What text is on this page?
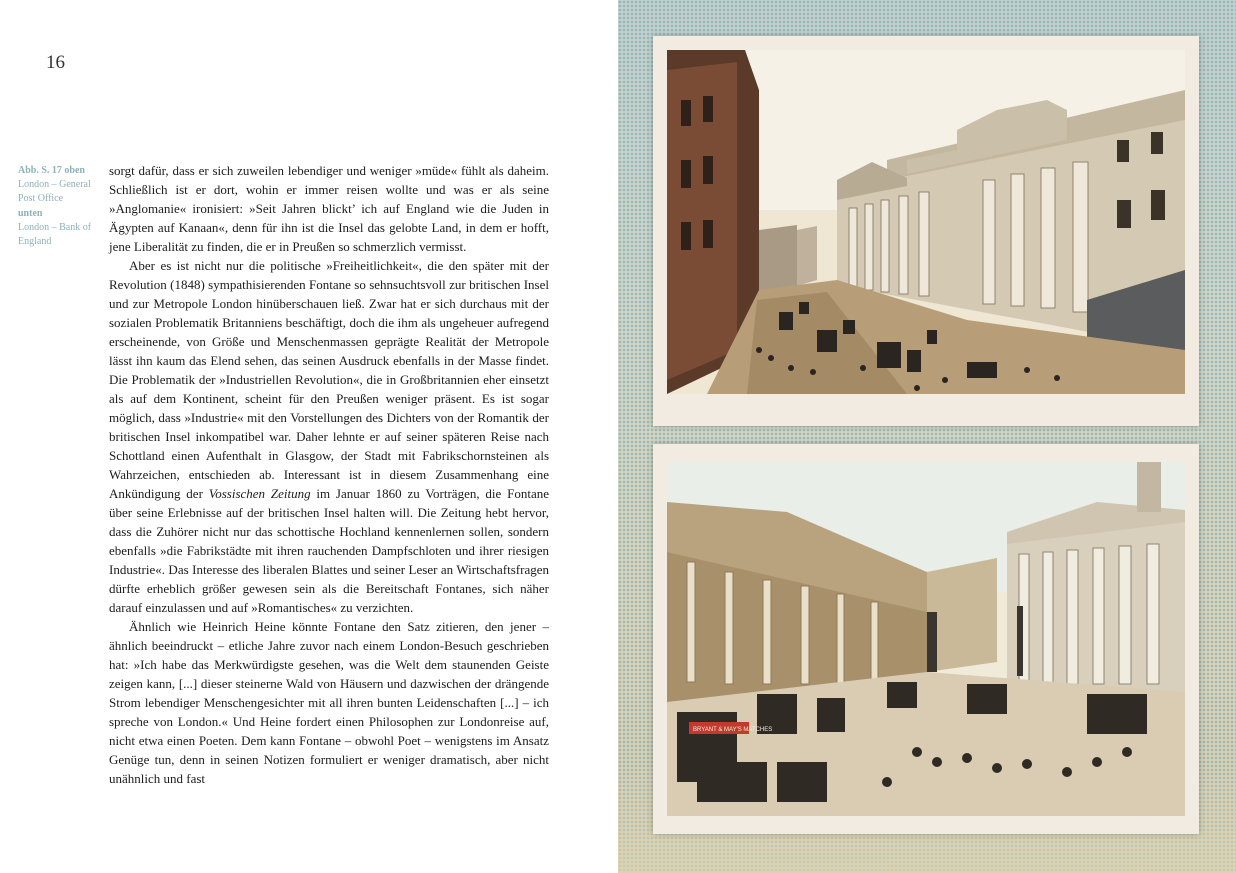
16
Abb. S. 17 oben
London – General Post Office
unten
London – Bank of England

sorgt dafür, dass er sich zuweilen lebendiger und weniger »müde« fühlt als daheim. Schließlich ist er dort, wohin er immer reisen wollte und was er als seine »Anglomanie« ironisiert: »Seit Jahren blickt’ ich auf England wie die Juden in Ägypten auf Kanaan«, denn für ihn ist die Insel das gelobte Land, in dem er hofft, jene Liberalität zu finden, die er in Preußen so schmerzlich vermisst.

Aber es ist nicht nur die politische »Freiheitlichkeit«, die den später mit der Revolution (1848) sympathisierenden Fontane so sehnsuchtsvoll zur britischen Insel und zur Metropole London hinüberschauen ließ. Zwar hat er sich durchaus mit der sozialen Problematik Britanniens beschäftigt, doch die ihm als ungeheuer aufregend erscheinende, von Größe und Menschenmassen geprägte Realität der Metropole lässt ihn kaum das Elend sehen, das seinen Ausdruck ebenfalls in der Masse findet. Die Problematik der »Industriellen Revolution«, die in Großbritannien eher einsetzt als auf dem Kontinent, scheint für den Preußen weniger präsent. Es ist sogar möglich, dass »Industrie« mit den Vorstellungen des Dichters von der Romantik der britischen Insel inkompatibel war. Daher lehnte er auf seiner späteren Reise nach Schottland einen Aufenthalt in Glasgow, der Stadt mit Fabrikschornsteinen als Wahrzeichen, entschieden ab. Interessant ist in diesem Zusammenhang eine Ankündigung der Vossischen Zeitung im Januar 1860 zu Vorträgen, die Fontane über seine Erlebnisse auf der britischen Insel halten will. Die Zeitung hebt hervor, dass die Zuhörer nicht nur das schottische Hochland kennenlernen sollen, sondern ebenfalls »die Fabrikstädte mit ihren rauchenden Dampfschloten und ihrer riesigen Industrie«. Das Interesse des liberalen Blattes und seiner Leser an Wirtschaftsfragen dürfte erheblich größer gewesen sein als die Bereitschaft Fontanes, sich näher darauf einzulassen und auf »Romantisches« zu verzichten.

Ähnlich wie Heinrich Heine könnte Fontane den Satz zitieren, den jener – ähnlich beeindruckt – etliche Jahre zuvor nach einem London-Besuch geschrieben hat: »Ich habe das Merkwürdigste gesehen, was die Welt dem staunenden Geiste zeigen kann, [...] dieser steinerne Wald von Häusern und dazwischen der drängende Strom lebendiger Menschengesichter mit all ihren bunten Leidenschaften [...] – ich spreche von London.« Und Heine fordert einen Philosophen zur Londonreise auf, nicht etwa einen Poeten. Dem kann Fontane – obwohl Poet – wenigstens im Ansatz Genüge tun, denn in seinen Notizen formuliert er weniger dramatisch, aber nicht unähnlich und fast

BRYANT & MAY'S MATCHES
